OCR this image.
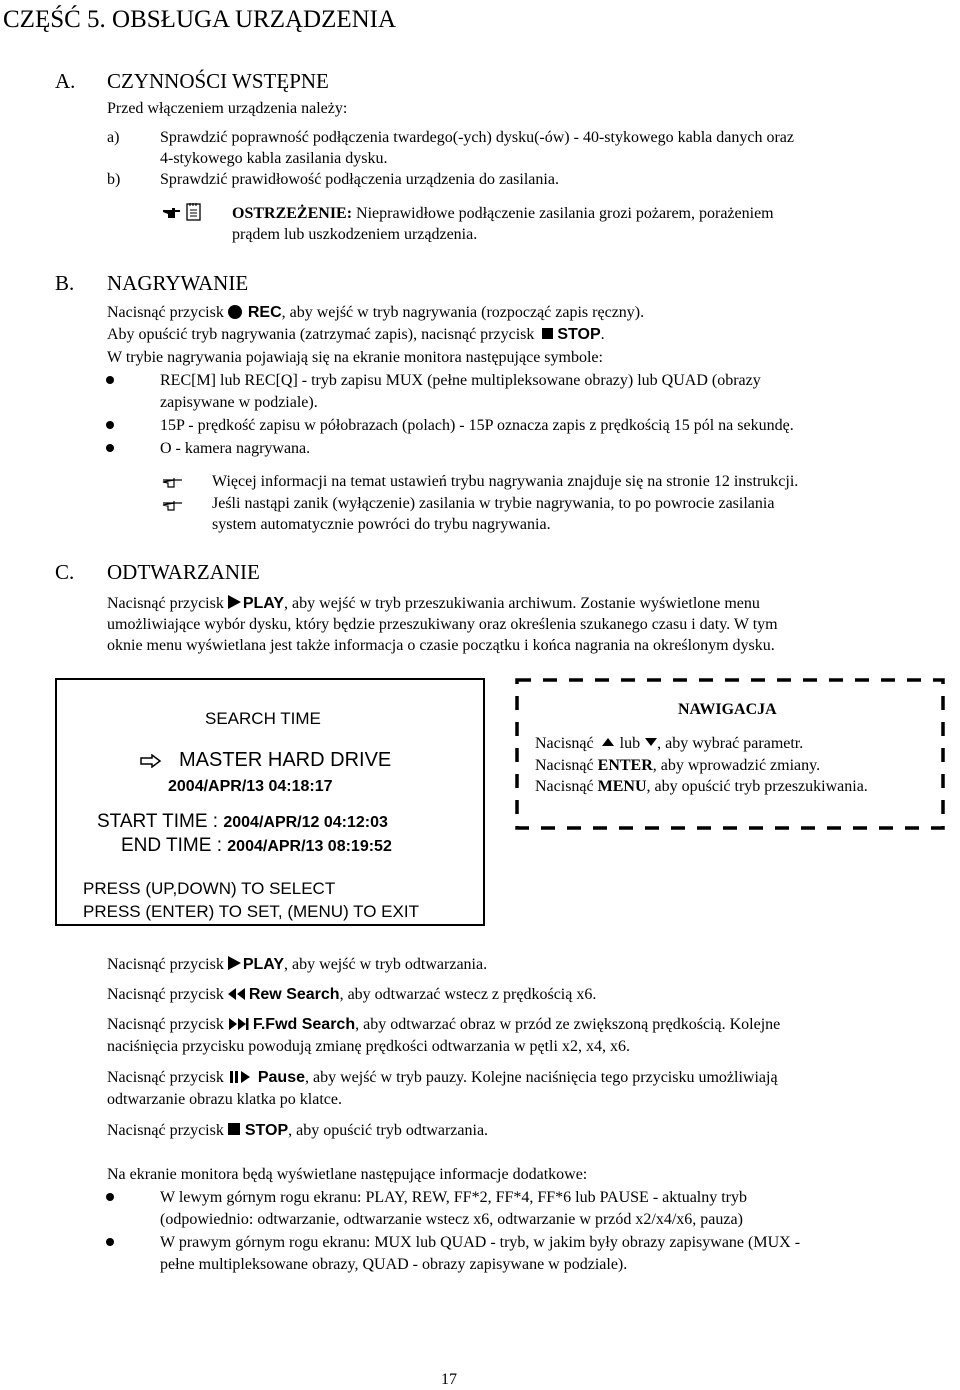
CZĘŚĆ 5. OBSŁUGA URZĄDZENIA
A. CZYNNOŚCI WSTĘPNE
Przed włączeniem urządzenia należy:
a)	Sprawdzić poprawność podłączenia twardego(-ych) dysku(-ów) - 40-stykowego kabla danych oraz
4-stykowego kabla zasilania dysku.
b) Sprawdzić prawidłowość podłączenia urządzenia do zasilania.
OSTRZEŻENIE: Nieprawidłowe podłączenie zasilania grozi pożarem, porażeniem
prądem lub uszkodzeniem urządzenia.
B. NAGRYWANIE
Nacisnąć przycisk REC, aby wejść w tryb nagrywania (rozpocząć zapis ręczny).
Aby opuścić tryb nagrywania (zatrzymać zapis), nacisnąć przycisk STOP.
W trybie nagrywania pojawiają się na ekranie monitora następujące symbole:
REC[M] lub REC[Q] - tryb zapisu MUX (pełne multipleksowane obrazy) lub QUAD (obrazy
zapisywane w podziale).
15P - prędkość zapisu w półobrazach (polach) - 15P oznacza zapis z prędkością 15 pól na sekundę.
O - kamera nagrywana.
Więcej informacji na temat ustawień trybu nagrywania znajduje się na stronie 12 instrukcji.
Jeśli nastąpi zanik (wyłączenie) zasilania w trybie nagrywania, to po powrocie zasilania
system automatycznie powróci do trybu nagrywania.
C. ODTWARZANIE
Nacisnąć przycisk PLAY, aby wejść w tryb przeszukiwania archiwum. Zostanie wyświetlone menu
umożliwiające wybór dysku, który będzie przeszukiwany oraz określenia szukanego czasu i daty. W tym
oknie menu wyświetlana jest także informacja o czasie początku i końca nagrania na określonym dysku.
SEARCH TIME
MASTER HARD DRIVE
2004/APR/13 04:18:17
START TIME : 2004/APR/12 04:12:03
END TIME : 2004/APR/13 08:19:52
PRESS (UP,DOWN) TO SELECT
PRESS (ENTER) TO SET, (MENU) TO EXIT
NAWIGACJA
Nacisnąć  lub , aby wybrać parametr.
Nacisnąć ENTER, aby wprowadzić zmiany.
Nacisnąć MENU, aby opuścić tryb przeszukiwania.
Nacisnąć przycisk PLAY, aby wejść w tryb odtwarzania.
Nacisnąć przycisk Rew Search, aby odtwarzać wstecz z prędkością x6.
Nacisnąć przycisk F.Fwd Search, aby odtwarzać obraz w przód ze zwiększoną prędkością. Kolejne
naciśnięcia przycisku powodują zmianę prędkości odtwarzania w pętli x2, x4, x6.
Nacisnąć przycisk Pause, aby wejść w tryb pauzy. Kolejne naciśnięcia tego przycisku umożliwiają
odtwarzanie obrazu klatka po klatce.
Nacisnąć przycisk STOP, aby opuścić tryb odtwarzania.
Na ekranie monitora będą wyświetlane następujące informacje dodatkowe:
W lewym górnym rogu ekranu: PLAY, REW, FF*2, FF*4, FF*6 lub PAUSE - aktualny tryb
(odpowiednio: odtwarzanie, odtwarzanie wstecz x6, odtwarzanie w przód x2/x4/x6, pauza)
W prawym górnym rogu ekranu: MUX lub QUAD - tryb, w jakim były obrazy zapisywane (MUX -
pełne multipleksowane obrazy, QUAD - obrazy zapisywane w podziale).
17
